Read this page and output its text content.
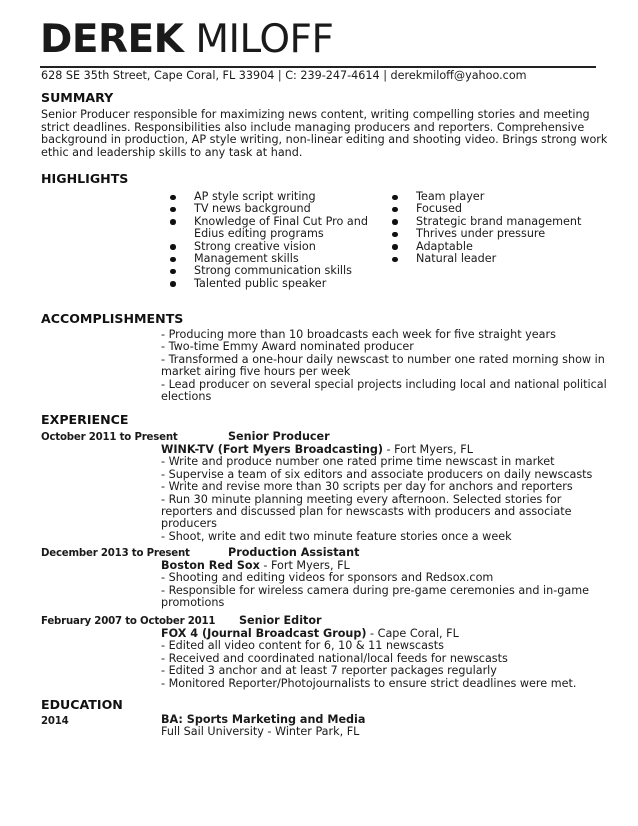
DEREK MILOFF
628 SE 35th Street, Cape Coral, FL 33904 | C: 239-247-4614 | derekmiloff@yahoo.com
SUMMARY
Senior Producer responsible for maximizing news content, writing compelling stories and meeting strict deadlines. Responsibilities also include managing producers and reporters. Comprehensive background in production, AP style writing, non-linear editing and shooting video. Brings strong work ethic and leadership skills to any task at hand.
HIGHLIGHTS
AP style script writing
TV news background
Knowledge of Final Cut Pro and Edius editing programs
Strong creative vision
Management skills
Strong communication skills
Talented public speaker
Team player
Focused
Strategic brand management
Thrives under pressure
Adaptable
Natural leader
ACCOMPLISHMENTS
- Producing more than 10 broadcasts each week for five straight years
- Two-time Emmy Award nominated producer
- Transformed a one-hour daily newscast to number one rated morning show in market airing five hours per week
- Lead producer on several special projects including local and national political elections
EXPERIENCE
October 2011 to Present	Senior Producer
WINK-TV (Fort Myers Broadcasting) - Fort Myers, FL
- Write and produce number one rated prime time newscast in market
- Supervise a team of six editors and associate producers on daily newscasts
- Write and revise more than 30 scripts per day for anchors and reporters
- Run 30 minute planning meeting every afternoon. Selected stories for reporters and discussed plan for newscasts with producers and associate producers
- Shoot, write and edit two minute feature stories once a week
December 2013 to Present	Production Assistant
Boston Red Sox - Fort Myers, FL
- Shooting and editing videos for sponsors and Redsox.com
- Responsible for wireless camera during pre-game ceremonies and in-game promotions
February 2007 to October 2011 Senior Editor
FOX 4 (Journal Broadcast Group) - Cape Coral, FL
- Edited all video content for 6, 10 & 11 newscasts
- Received and coordinated national/local feeds for newscasts
- Edited 3 anchor and at least 7 reporter packages regularly
- Monitored Reporter/Photojournalists to ensure strict deadlines were met.
EDUCATION
2014	BA: Sports Marketing and Media
Full Sail University - Winter Park, FL
